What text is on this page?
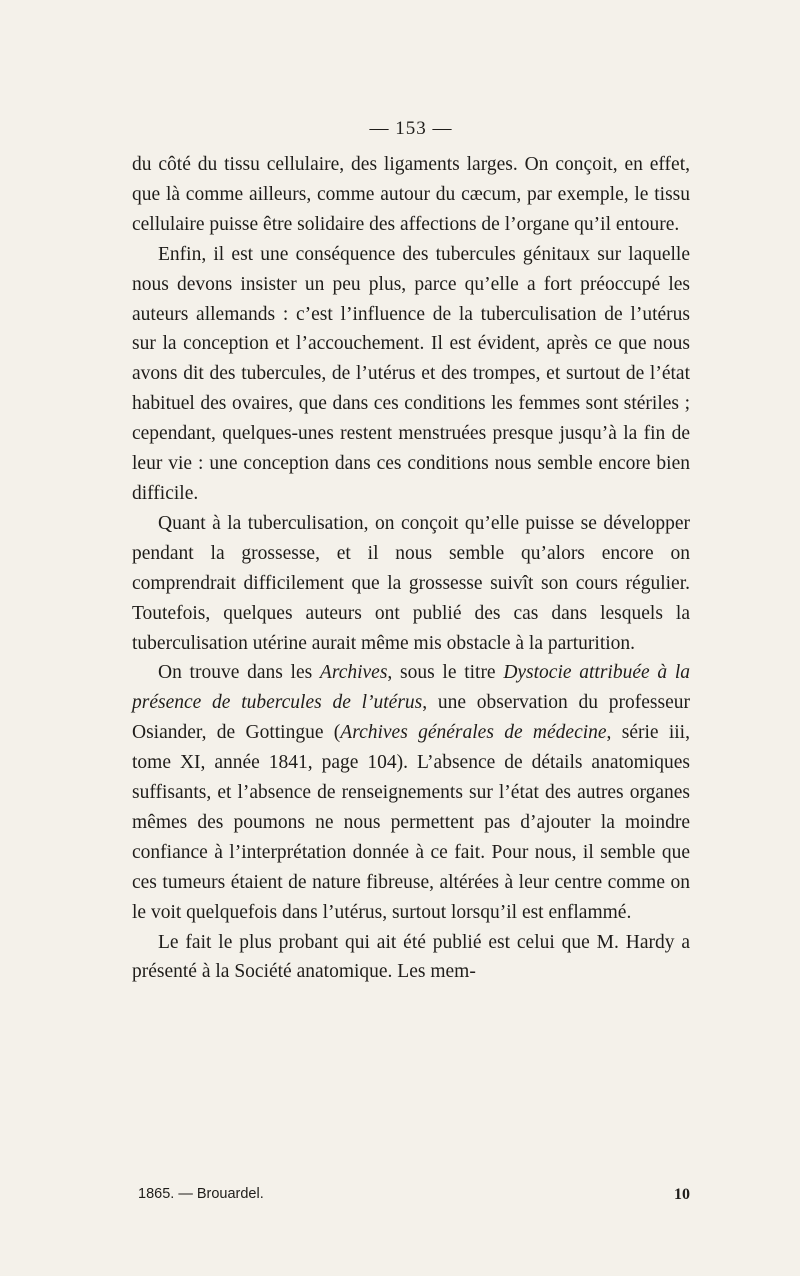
— 153 —

du côté du tissu cellulaire, des ligaments larges. On conçoit, en effet, que là comme ailleurs, comme autour du cæcum, par exemple, le tissu cellulaire puisse être solidaire des affections de l’organe qu’il entoure.

Enfin, il est une conséquence des tubercules génitaux sur laquelle nous devons insister un peu plus, parce qu’elle a fort préoccupé les auteurs allemands : c’est l’influence de la tuberculisation de l’utérus sur la conception et l’accouchement. Il est évident, après ce que nous avons dit des tubercules, de l’utérus et des trompes, et surtout de l’état habituel des ovaires, que dans ces conditions les femmes sont stériles ; cependant, quelques-unes restent menstruées presque jusqu’à la fin de leur vie : une conception dans ces conditions nous semble encore bien difficile.

Quant à la tuberculisation, on conçoit qu’elle puisse se développer pendant la grossesse, et il nous semble qu’alors encore on comprendrait difficilement que la grossesse suivît son cours régulier. Toutefois, quelques auteurs ont publié des cas dans lesquels la tuberculisation utérine aurait même mis obstacle à la parturition.

On trouve dans les Archives, sous le titre Dystocie attribuée à la présence de tubercules de l’utérus, une observation du professeur Osiander, de Gottingue (Archives générales de médecine, série iii, tome XI, année 1841, page 104). L’absence de détails anatomiques suffisants, et l’absence de renseignements sur l’état des autres organes mêmes des poumons ne nous permettent pas d’ajouter la moindre confiance à l’interprétation donnée à ce fait. Pour nous, il semble que ces tumeurs étaient de nature fibreuse, altérées à leur centre comme on le voit quelquefois dans l’utérus, surtout lorsqu’il est enflammé.

Le fait le plus probant qui ait été publié est celui que M. Hardy a présenté à la Société anatomique. Les mem-

1865. — Brouardel.	10
